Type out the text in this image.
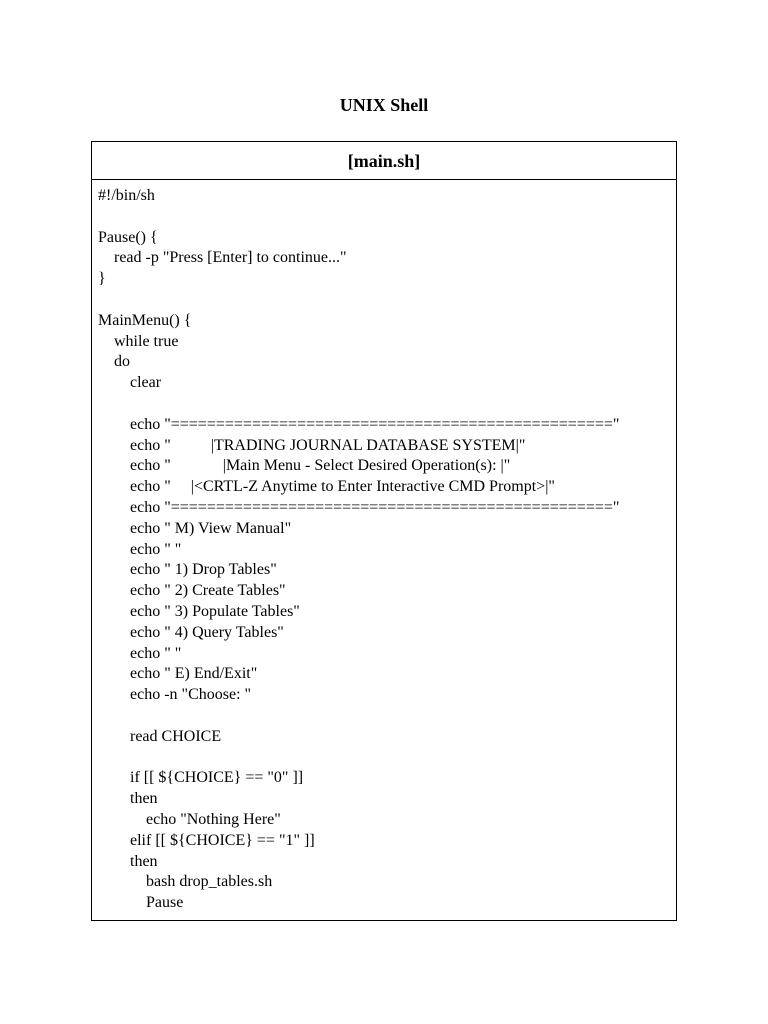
UNIX Shell
[main.sh]
#!/bin/sh
Pause() {
read -p "Press [Enter] to continue..."
}
MainMenu() {
while true
do
clear
echo "================================================="
echo "          |TRADING JOURNAL DATABASE SYSTEM|"
echo "             |Main Menu - Select Desired Operation(s): |"
echo "     |<CRTL-Z Anytime to Enter Interactive CMD Prompt>|"
echo "================================================="
echo " M) View Manual"
echo " "
echo " 1) Drop Tables"
echo " 2) Create Tables"
echo " 3) Populate Tables"
echo " 4) Query Tables"
echo " "
echo " E) End/Exit"
echo -n "Choose: "
read CHOICE
if [[ ${CHOICE} == "0" ]]
then
echo "Nothing Here"
elif [[ ${CHOICE} == "1" ]]
then
bash drop_tables.sh
Pause
